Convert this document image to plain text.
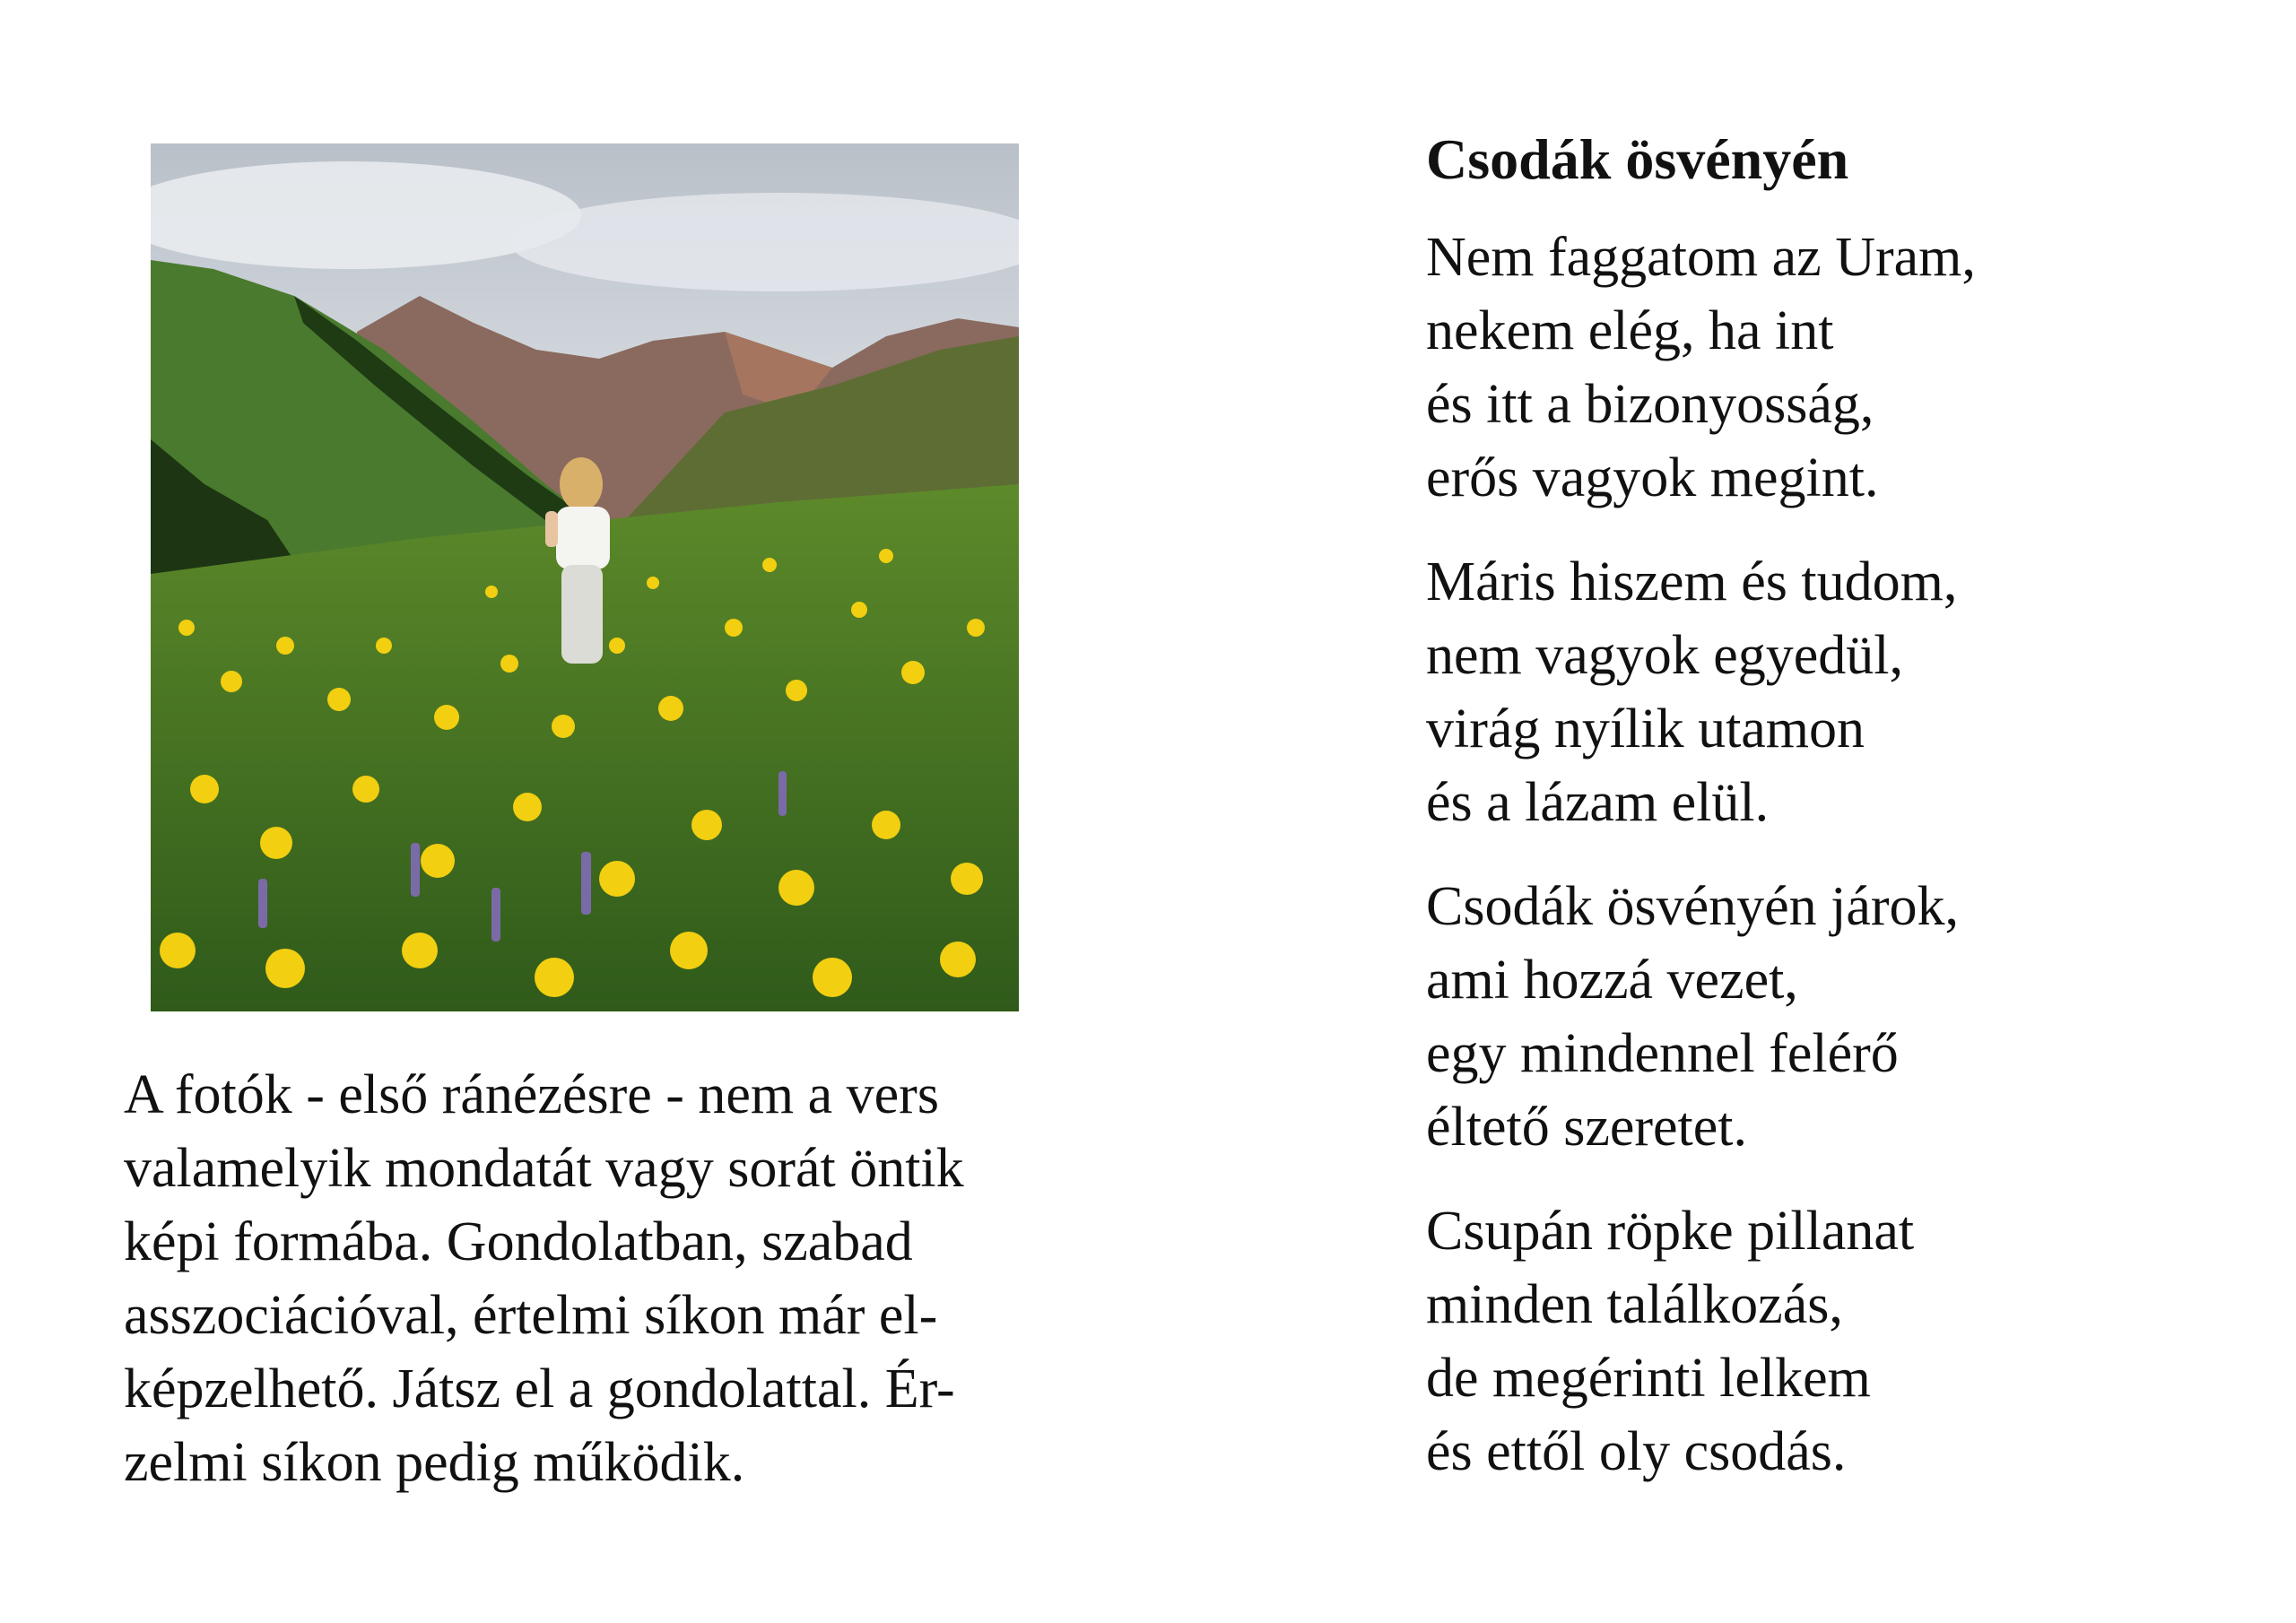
A fotók - első ránézésre - nem a vers
valamelyik mondatát vagy sorát öntik
képi formába. Gondolatban, szabad
asszociációval, értelmi síkon már el-
képzelhető. Játsz el a gondolattal. Ér-
zelmi síkon pedig működik.
Csodák ösvényén
Nem faggatom az Uram,
nekem elég, ha int
és itt a bizonyosság,
erős vagyok megint.
Máris hiszem és tudom,
nem vagyok egyedül,
virág nyílik utamon
és a lázam elül.
Csodák ösvényén járok,
ami hozzá vezet,
egy mindennel felérő
éltető szeretet.
Csupán röpke pillanat
minden találkozás,
de megérinti lelkem
és ettől oly csodás.
